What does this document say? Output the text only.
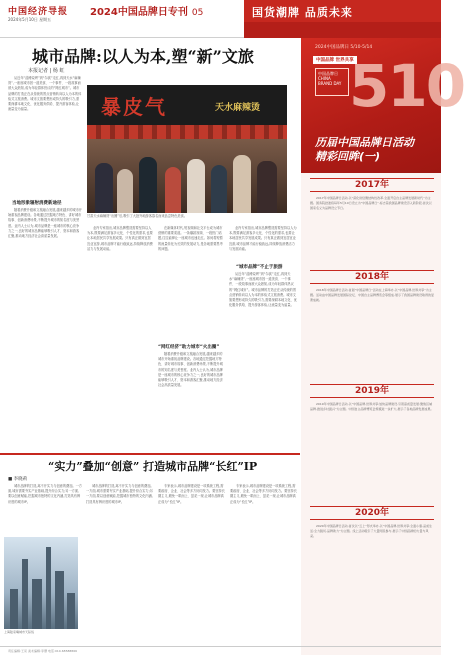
中国经济导报
2024年5月10日 星期五
2024中国品牌日专刊 05	国货潮牌 品质未来
城市品牌:以人为本,塑“新”文旅
本报记者 | 杨 虹

从近年“淄博烧烤”到“尔滨”走红,再到天水“麻辣烫”,一座座城市因一道美食、一个事件、一段故事而被大众熟知,成为年轻群体热议的“网红城市”。城市品牌的打造正在从传统的景点营销转向以人为本的体验式文旅消费。城市文旅要想形成持久的吸引力,需要深耕本地文化、优化服务供给、提升游客体验,让流量变为留量。

当地形象辐射消费新途径

随着消费升级和文旅融合发展,越来越多的城市开始重视品牌建设。各地通过挖掘地方特色、讲好城市故事、创新消费场景,不断提升城市的知名度与美誉度。业内人士认为,城市品牌是一座城市的核心竞争力之一,良好的城市品牌能够吸引人才、资本和游客汇聚,推动地方经济社会高质量发展。

暴皮气	天水麻辣烫
甘肃天水麻辣烫“出圈”后,吸引了大批外地游客慕名而来品尝特色美食。

业内专家指出,城市品牌塑造需要坚持以人为本,既要满足游客多元化、个性化的需求,也要让本地居民共享发展成果。只有真正做到宜居宜业宜游,城市品牌才能行稳致远,持续释放消费活力与发展动能。

在新媒体时代,短视频和社交平台成为城市营销的重要渠道。一条爆款视频、一段热门话题,往往能够让一座城市迅速走红。如何将短暂的流量转化为长效的发展动力,是各地需要思考的问题。

“网红经济”助力城市“火出圈”

随着消费升级和文旅融合发展,越来越多的城市开始重视品牌建设。各地通过挖掘地方特色、讲好城市故事、创新消费场景,不断提升城市的知名度与美誉度。业内人士认为,城市品牌是一座城市的核心竞争力之一,良好的城市品牌能够吸引人才、资本和游客汇聚,推动地方经济社会高质量发展。

业内专家指出,城市品牌塑造需要坚持以人为本,既要满足游客多元化、个性化的需求,也要让本地居民共享发展成果。只有真正做到宜居宜业宜游,城市品牌才能行稳致远,持续释放消费活力与发展动能。

“城市品牌”不止于旅游

从近年“淄博烧烤”到“尔滨”走红,再到天水“麻辣烫”,一座座城市因一道美食、一个事件、一段故事而被大众熟知,成为年轻群体热议的“网红城市”。城市品牌的打造正在从传统的景点营销转向以人为本的体验式文旅消费。城市文旅要想形成持久的吸引力,需要深耕本地文化、优化服务供给、提升游客体验,让流量变为留量。

“实力”叠加“创意” 打造城市品牌“长红”IP
■ 李晓莉

城市品牌的打造,离不开实力与创意的叠加。一方面,城市需要夯实产业基础,提升综合实力;另一方面,要以创意赋能,挖掘城市独特的文化内涵,打造具有辨识度的城市IP。

上海陆家嘴城市天际线

城市品牌的打造,离不开实力与创意的叠加。一方面,城市需要夯实产业基础,提升综合实力;另一方面,要以创意赋能,挖掘城市独特的文化内涵,打造具有辨识度的城市IP。

专家表示,城市品牌建设是一项系统工程,需要政府、企业、社会等多方协同发力。要坚持长期主义,避免一哄而上、昙花一现,让城市品牌真正成为“长红”IP。

专家表示,城市品牌建设是一项系统工程,需要政府、企业、社会等多方协同发力。要坚持长期主义,避免一哄而上、昙花一现,让城市品牌真正成为“长红”IP。

2024中国品牌日 5/10-5/14
中国品牌 世界共享
510
中国品牌日 CHINA BRAND DAY
历届中国品牌日活动
精彩回眸(一)
2017年

2017年中国品牌日活动,以“深化供给侧结构性改革,全面开启自主品牌发展新时代”为主题。国务院批准将每年5月10日设立为“中国品牌日”,标志着我国品牌建设迈入新阶段,首次以国家名义为品牌设立节日。

2018年

2018年中国品牌日活动,首届“中国品牌日”活动在上海举办,以“中国品牌,世界共享”为主题。活动由中国品牌发展国际论坛、中国自主品牌博览会等组成,展示了我国品牌建设取得的显著成就。

2019年

2019年中国品牌日活动,以“中国品牌,世界共享;加快品牌建设,引领高质量发展;聚焦区域品牌,推进乡村振兴”为主题。中国自主品牌博览会规模进一步扩大,展示了各地品牌发展成果。

2020年

2020年中国品牌日活动,首次以“云上”形式举办,以“中国品牌,世界共享;全面小康,品质生活;全力脱贫,品牌助力”为主题。线上活动吸引了大量网民参与,展示了中国品牌的力量与风采。

责任编辑:王亮 美术编辑:李珊 电话:010-68588866
